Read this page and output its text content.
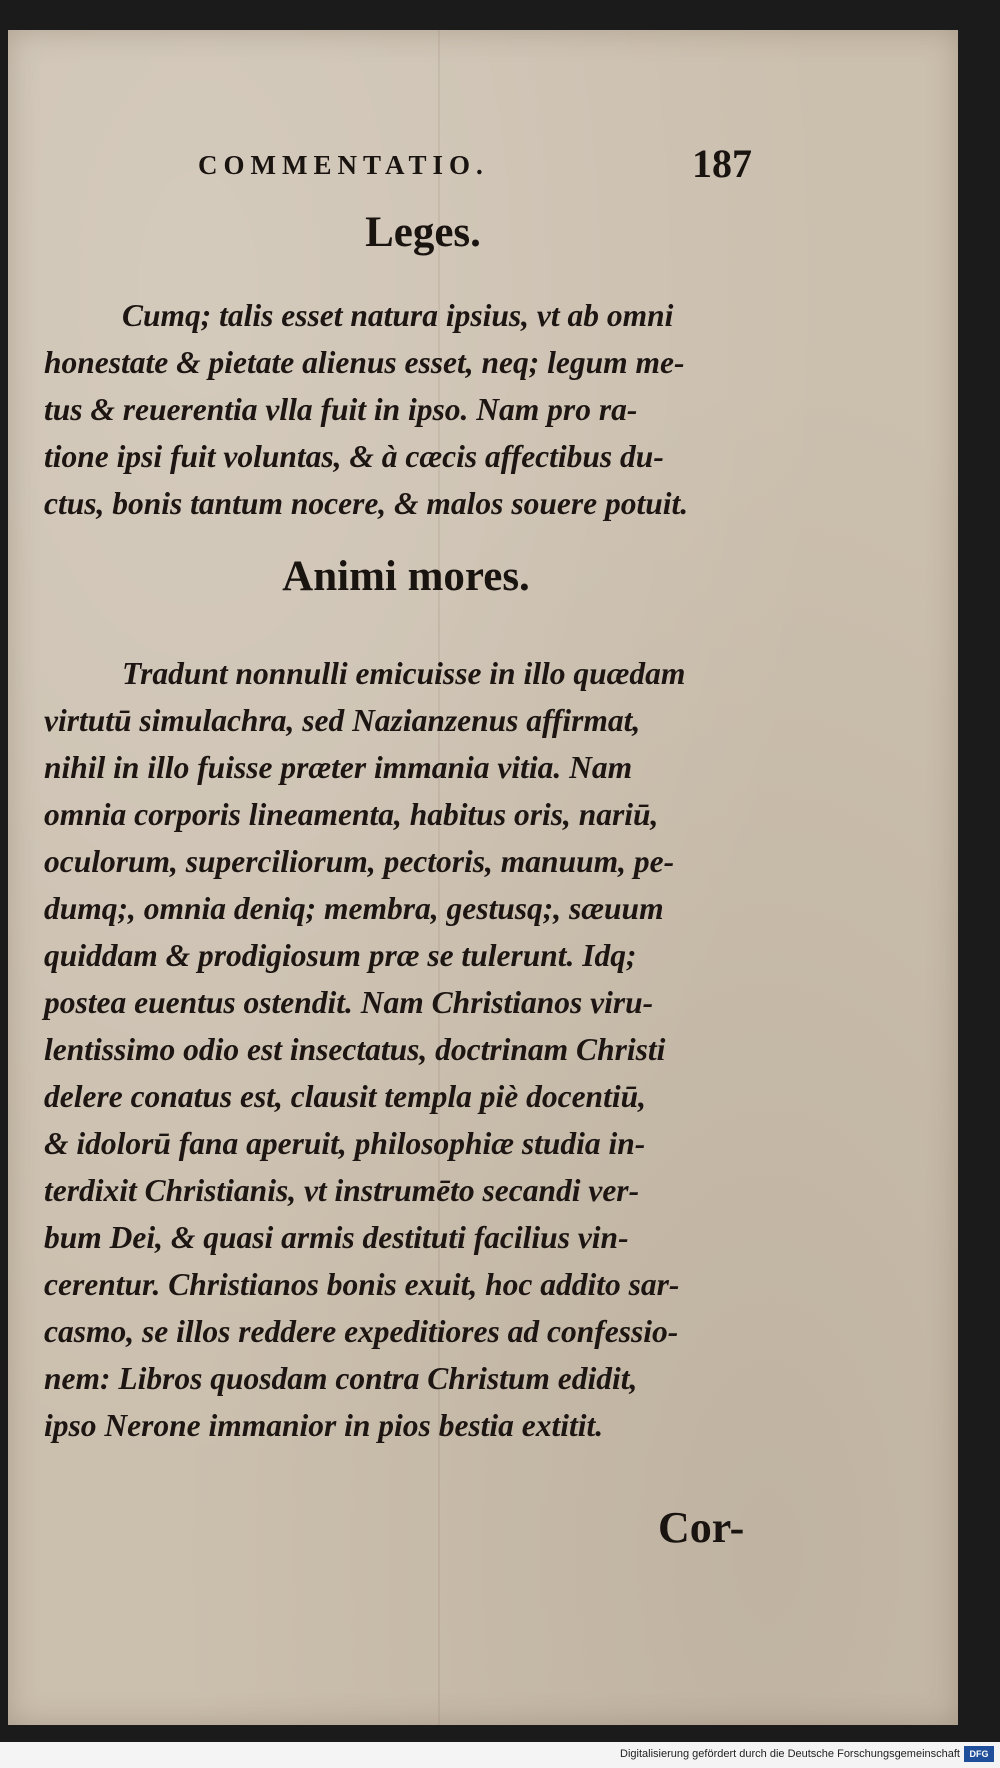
COMMENTATIO.	187
Leges.
Cumq; talis esset natura ipsius, vt ab omni
honestate & pietate alienus esset, neq; legum me-
tus & reuerentia vlla fuit in ipso. Nam pro ra-
tione ipsi fuit voluntas, & à cæcis affectibus du-
ctus, bonis tantum nocere, & malos souere potuit.
Animi mores.
Tradunt nonnulli emicuisse in illo quædam
virtutū simulachra, sed Nazianzenus affirmat,
nihil in illo fuisse præter immania vitia. Nam
omnia corporis lineamenta, habitus oris, nariū,
oculorum, superciliorum, pectoris, manuum, pe-
dumq;, omnia deniq; membra, gestusq;, sæuum
quiddam & prodigiosum præ se tulerunt. Idq;
postea euentus ostendit. Nam Christianos viru-
lentissimo odio est insectatus, doctrinam Christi
delere conatus est, clausit templa piè docentiū,
& idolorū fana aperuit, philosophiæ studia in-
terdixit Christianis, vt instrumēto secandi ver-
bum Dei, & quasi armis destituti facilius vin-
cerentur. Christianos bonis exuit, hoc addito sar-
casmo, se illos reddere expeditiores ad confessio-
nem: Libros quosdam contra Christum edidit,
ipso Nerone immanior in pios bestia extitit.
Cor-
Digitalisierung gefördert durch die Deutsche Forschungsgemeinschaft	DFG
